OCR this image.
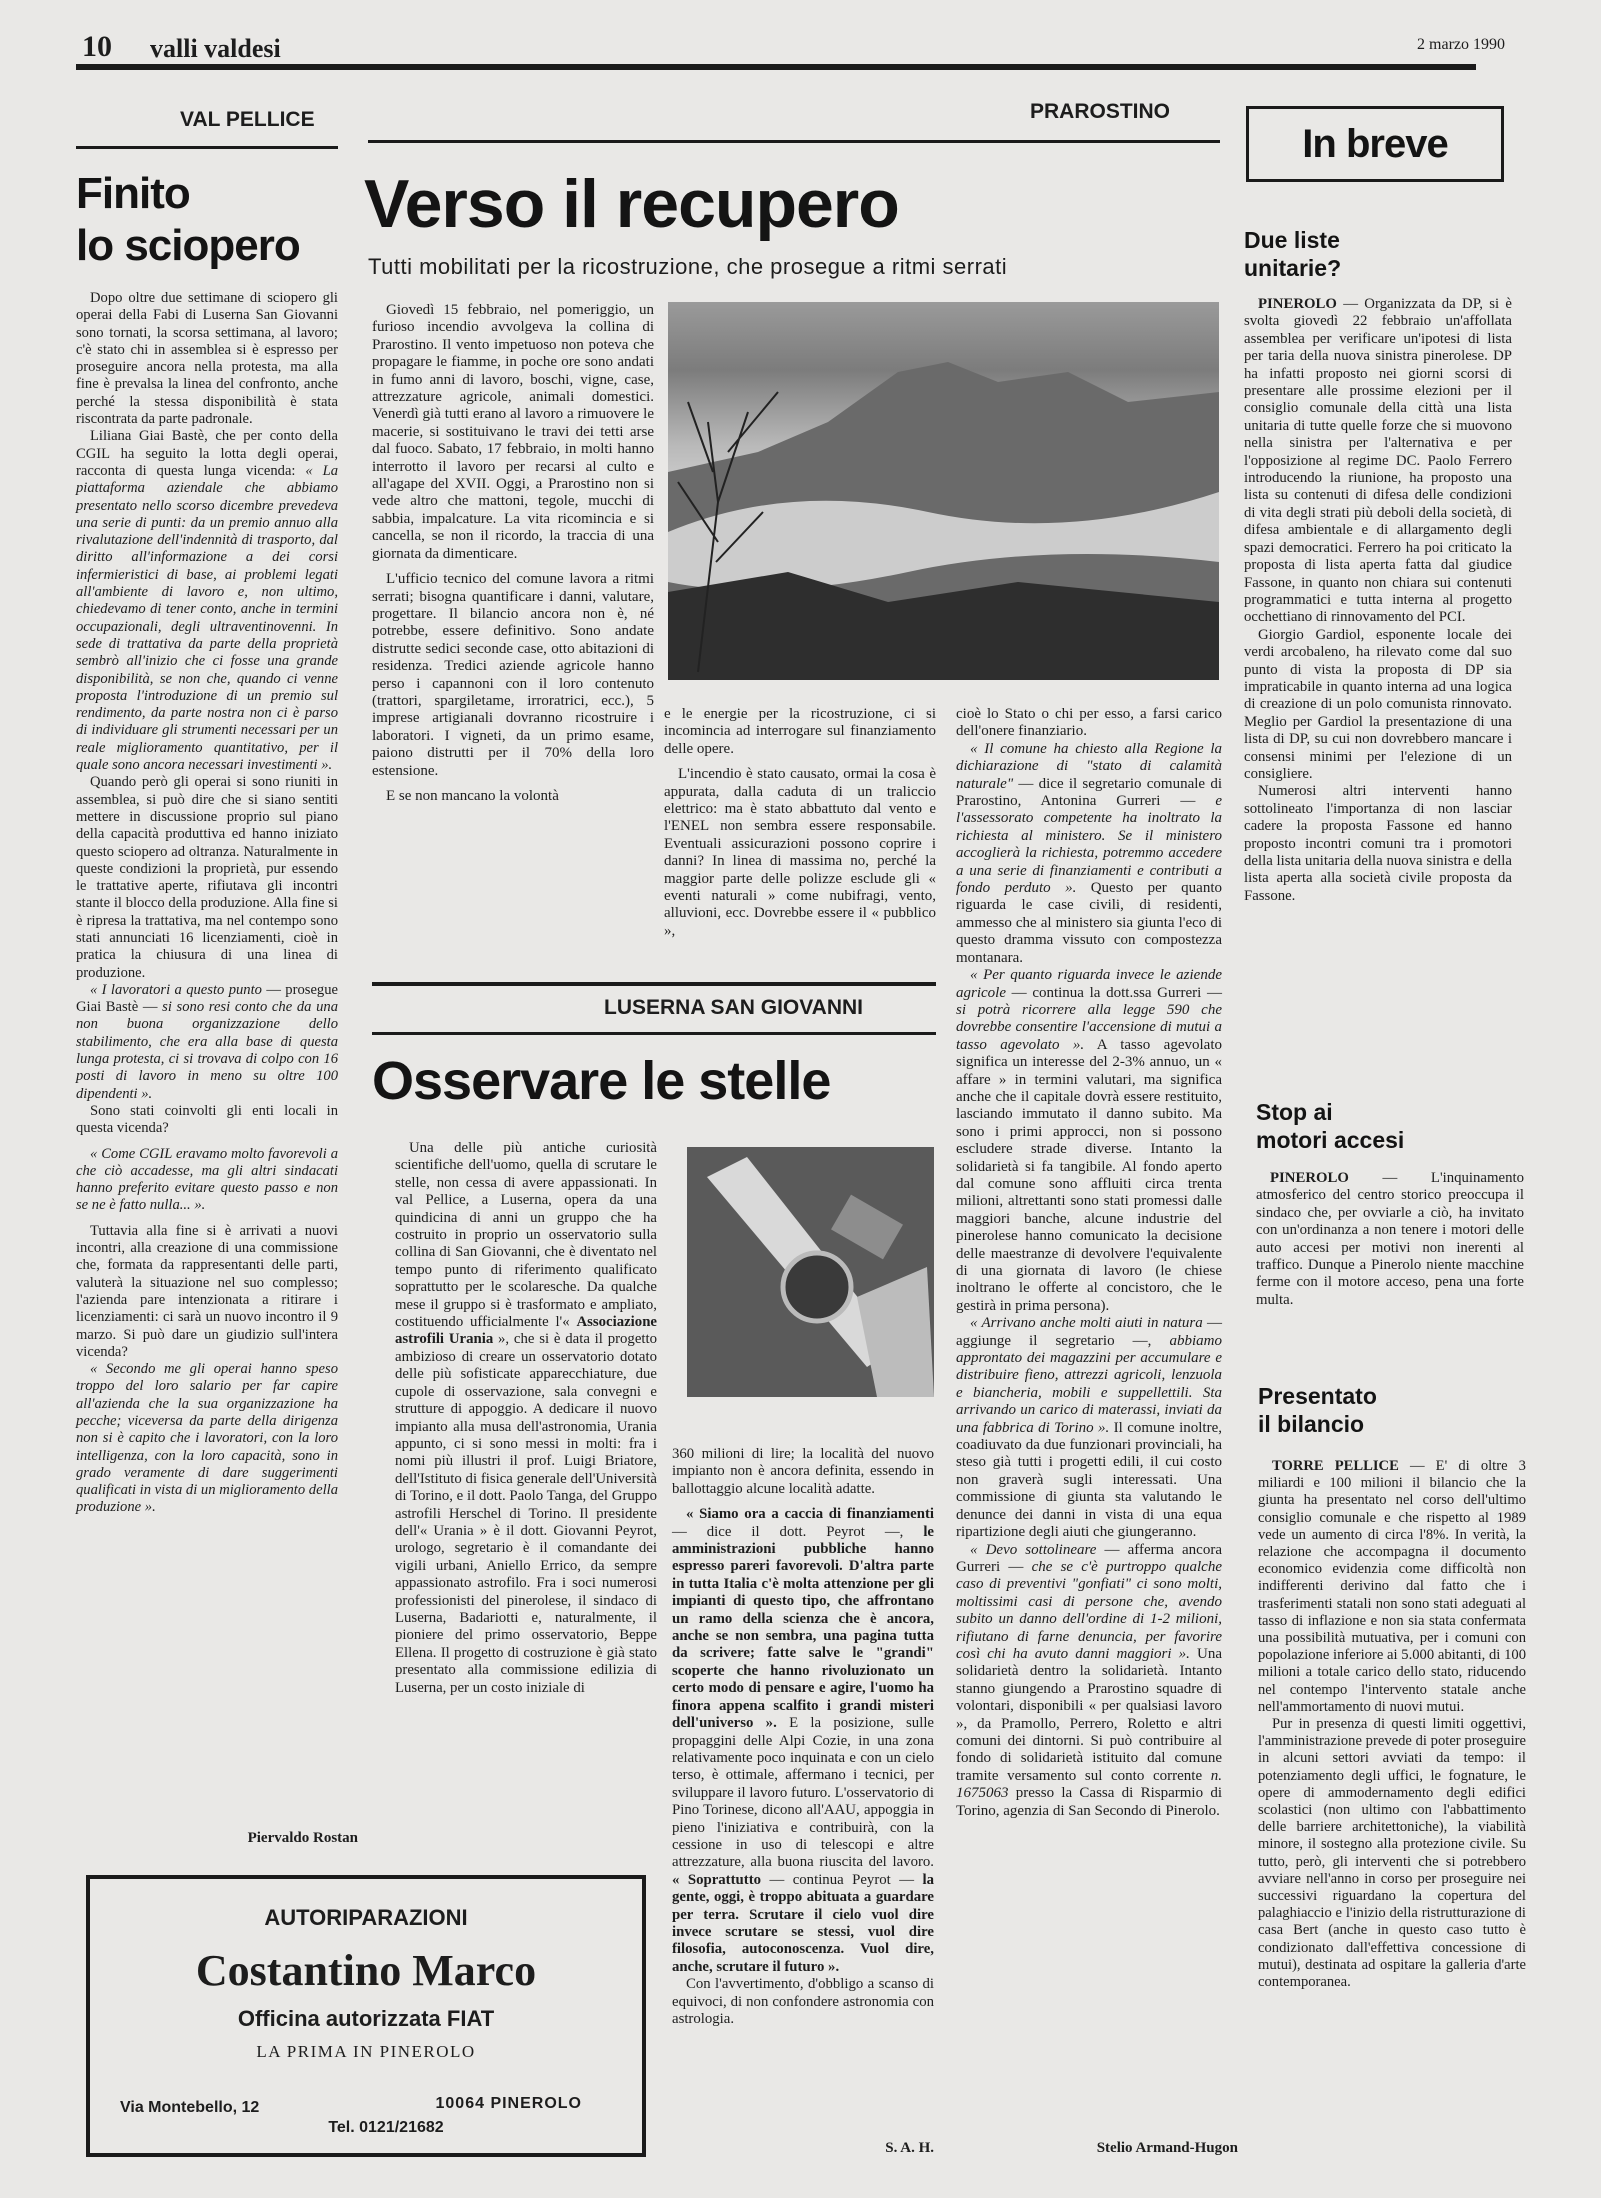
10 valli valdesi	2 marzo 1990
VAL PELLICE
Finito
lo sciopero

Dopo oltre due settimane di sciopero gli operai della Fabi di Luserna San Giovanni sono tornati, la scorsa settimana, al lavoro; c'è stato chi in assemblea si è espresso per proseguire ancora nella protesta, ma alla fine è prevalsa la linea del confronto, anche perché la stessa disponibilità è stata riscontrata da parte padronale.

Liliana Giai Bastè, che per conto della CGIL ha seguito la lotta degli operai, racconta di questa lunga vicenda: « La piattaforma aziendale che abbiamo presentato nello scorso dicembre prevedeva una serie di punti: da un premio annuo alla rivalutazione dell'indennità di trasporto, dal diritto all'informazione a dei corsi infermieristici di base, ai problemi legati all'ambiente di lavoro e, non ultimo, chiedevamo di tener conto, anche in termini occupazionali, degli ultraventinovenni. In sede di trattativa da parte della proprietà sembrò all'inizio che ci fosse una grande disponibilità, se non che, quando ci venne proposta l'introduzione di un premio sul rendimento, da parte nostra non ci è parso di individuare gli strumenti necessari per un reale miglioramento quantitativo, per il quale sono ancora necessari investimenti ».

Quando però gli operai si sono riuniti in assemblea, si può dire che si siano sentiti mettere in discussione proprio sul piano della capacità produttiva ed hanno iniziato questo sciopero ad oltranza. Naturalmente in queste condizioni la proprietà, pur essendo le trattative aperte, rifiutava gli incontri stante il blocco della produzione. Alla fine si è ripresa la trattativa, ma nel contempo sono stati annunciati 16 licenziamenti, cioè in pratica la chiusura di una linea di produzione.

« I lavoratori a questo punto — prosegue Giai Bastè — si sono resi conto che da una non buona organizzazione dello stabilimento, che era alla base di questa lunga protesta, ci si trovava di colpo con 16 posti di lavoro in meno su oltre 100 dipendenti ».

Sono stati coinvolti gli enti locali in questa vicenda?

« Come CGIL eravamo molto favorevoli a che ciò accadesse, ma gli altri sindacati hanno preferito evitare questo passo e non se ne è fatto nulla... ».

Tuttavia alla fine si è arrivati a nuovi incontri, alla creazione di una commissione che, formata da rappresentanti delle parti, valuterà la situazione nel suo complesso; l'azienda pare intenzionata a ritirare i licenziamenti: ci sarà un nuovo incontro il 9 marzo. Si può dare un giudizio sull'intera vicenda?

« Secondo me gli operai hanno speso troppo del loro salario per far capire all'azienda che la sua organizzazione ha pecche; viceversa da parte della dirigenza non si è capito che i lavoratori, con la loro intelligenza, con la loro capacità, sono in grado veramente di dare suggerimenti qualificati in vista di un miglioramento della produzione ».

Piervaldo Rostan
PRAROSTINO
Verso il recupero
Tutti mobilitati per la ricostruzione, che prosegue a ritmi serrati

Giovedì 15 febbraio, nel pomeriggio, un furioso incendio avvolgeva la collina di Prarostino. Il vento impetuoso non poteva che propagare le fiamme, in poche ore sono andati in fumo anni di lavoro, boschi, vigne, case, attrezzature agricole, animali domestici. Venerdì già tutti erano al lavoro a rimuovere le macerie, si sostituivano le travi dei tetti arse dal fuoco. Sabato, 17 febbraio, in molti hanno interrotto il lavoro per recarsi al culto e all'agape del XVII. Oggi, a Prarostino non si vede altro che mattoni, tegole, mucchi di sabbia, impalcature. La vita ricomincia e si cancella, se non il ricordo, la traccia di una giornata da dimenticare.

L'ufficio tecnico del comune lavora a ritmi serrati; bisogna quantificare i danni, valutare, progettare. Il bilancio ancora non è, né potrebbe, essere definitivo. Sono andate distrutte sedici seconde case, otto abitazioni di residenza. Tredici aziende agricole hanno perso i capannoni con il loro contenuto (trattori, spargiletame, irroratrici, ecc.), 5 imprese artigianali dovranno ricostruire i laboratori. I vigneti, da un primo esame, paiono distrutti per il 70% della loro estensione.

E se non mancano la volontà

e le energie per la ricostruzione, ci si incomincia ad interrogare sul finanziamento delle opere.

L'incendio è stato causato, ormai la cosa è appurata, dalla caduta di un traliccio elettrico: ma è stato abbattuto dal vento e l'ENEL non sembra essere responsabile. Eventuali assicurazioni possono coprire i danni? In linea di massima no, perché la maggior parte delle polizze esclude gli « eventi naturali » come nubifragi, vento, alluvioni, ecc. Dovrebbe essere il « pubblico »,

cioè lo Stato o chi per esso, a farsi carico dell'onere finanziario.

« Il comune ha chiesto alla Regione la dichiarazione di "stato di calamità naturale" — dice il segretario comunale di Prarostino, Antonina Gurreri — e l'assessorato competente ha inoltrato la richiesta al ministero. Se il ministero accoglierà la richiesta, potremmo accedere a una serie di finanziamenti e contributi a fondo perduto ». Questo per quanto riguarda le case civili, di residenti, ammesso che al ministero sia giunta l'eco di questo dramma vissuto con compostezza montanara.

« Per quanto riguarda invece le aziende agricole — continua la dott.ssa Gurreri — si potrà ricorrere alla legge 590 che dovrebbe consentire l'accensione di mutui a tasso agevolato ». A tasso agevolato significa un interesse del 2-3% annuo, un « affare » in termini valutari, ma significa anche che il capitale dovrà essere restituito, lasciando immutato il danno subito. Ma sono i primi approcci, non si possono escludere strade diverse. Intanto la solidarietà si fa tangibile. Al fondo aperto dal comune sono affluiti circa trenta milioni, altrettanti sono stati promessi dalle maggiori banche, alcune industrie del pinerolese hanno comunicato la decisione delle maestranze di devolvere l'equivalente di una giornata di lavoro (le chiese inoltrano le offerte al concistoro, che le gestirà in prima persona).

« Arrivano anche molti aiuti in natura — aggiunge il segretario —, abbiamo approntato dei magazzini per accumulare e distribuire fieno, attrezzi agricoli, lenzuola e biancheria, mobili e suppellettili. Sta arrivando un carico di materassi, inviati da una fabbrica di Torino ». Il comune inoltre, coadiuvato da due funzionari provinciali, ha steso già tutti i progetti edili, il cui costo non graverà sugli interessati. Una commissione di giunta sta valutando le denunce dei danni in vista di una equa ripartizione degli aiuti che giungeranno.

« Devo sottolineare — afferma ancora Gurreri — che se c'è purtroppo qualche caso di preventivi "gonfiati" ci sono molti, moltissimi casi di persone che, avendo subito un danno dell'ordine di 1-2 milioni, rifiutano di farne denuncia, per favorire così chi ha avuto danni maggiori ». Una solidarietà dentro la solidarietà. Intanto stanno giungendo a Prarostino squadre di volontari, disponibili « per qualsiasi lavoro », da Pramollo, Perrero, Roletto e altri comuni dei dintorni. Si può contribuire al fondo di solidarietà istituito dal comune tramite versamento sul conto corrente n. 1675063 presso la Cassa di Risparmio di Torino, agenzia di San Secondo di Pinerolo.

Stelio Armand-Hugon
LUSERNA SAN GIOVANNI
Osservare le stelle

Una delle più antiche curiosità scientifiche dell'uomo, quella di scrutare le stelle, non cessa di avere appassionati. In val Pellice, a Luserna, opera da una quindicina di anni un gruppo che ha costruito in proprio un osservatorio sulla collina di San Giovanni, che è diventato nel tempo punto di riferimento qualificato soprattutto per le scolaresche. Da qualche mese il gruppo si è trasformato e ampliato, costituendo ufficialmente l'« Associazione astrofili Urania », che si è data il progetto ambizioso di creare un osservatorio dotato delle più sofisticate apparecchiature, due cupole di osservazione, sala convegni e strutture di appoggio. A dedicare il nuovo impianto alla musa dell'astronomia, Urania appunto, ci si sono messi in molti: fra i nomi più illustri il prof. Luigi Briatore, dell'Istituto di fisica generale dell'Università di Torino, e il dott. Paolo Tanga, del Gruppo astrofili Herschel di Torino. Il presidente dell'« Urania » è il dott. Giovanni Peyrot, urologo, segretario è il comandante dei vigili urbani, Aniello Errico, da sempre appassionato astrofilo. Fra i soci numerosi professionisti del pinerolese, il sindaco di Luserna, Badariotti e, naturalmente, il pioniere del primo osservatorio, Beppe Ellena. Il progetto di costruzione è già stato presentato alla commissione edilizia di Luserna, per un costo iniziale di

360 milioni di lire; la località del nuovo impianto non è ancora definita, essendo in ballottaggio alcune località adatte.

« Siamo ora a caccia di finanziamenti — dice il dott. Peyrot —, le amministrazioni pubbliche hanno espresso pareri favorevoli. D'altra parte in tutta Italia c'è molta attenzione per gli impianti di questo tipo, che affrontano un ramo della scienza che è ancora, anche se non sembra, una pagina tutta da scrivere; fatte salve le "grandi" scoperte che hanno rivoluzionato un certo modo di pensare e agire, l'uomo ha finora appena scalfito i grandi misteri dell'universo ». E la posizione, sulle propaggini delle Alpi Cozie, in una zona relativamente poco inquinata e con un cielo terso, è ottimale, affermano i tecnici, per sviluppare il lavoro futuro. L'osservatorio di Pino Torinese, dicono all'AAU, appoggia in pieno l'iniziativa e contribuirà, con la cessione in uso di telescopi e altre attrezzature, alla buona riuscita del lavoro. « Soprattutto — continua Peyrot — la gente, oggi, è troppo abituata a guardare per terra. Scrutare il cielo vuol dire invece scrutare se stessi, vuol dire filosofia, autoconoscenza. Vuol dire, anche, scrutare il futuro ».

Con l'avvertimento, d'obbligo a scanso di equivoci, di non confondere astronomia con astrologia.

S. A. H.
In breve
Due liste
unitarie?

PINEROLO — Organizzata da DP, si è svolta giovedì 22 febbraio un'affollata assemblea per verificare un'ipotesi di lista per taria della nuova sinistra pinerolese. DP ha infatti proposto nei giorni scorsi di presentare alle prossime elezioni per il consiglio comunale della città una lista unitaria di tutte quelle forze che si muovono nella sinistra per l'alternativa e per l'opposizione al regime DC. Paolo Ferrero introducendo la riunione, ha proposto una lista su contenuti di difesa delle condizioni di vita degli strati più deboli della società, di difesa ambientale e di allargamento degli spazi democratici. Ferrero ha poi criticato la proposta di lista aperta fatta dal giudice Fassone, in quanto non chiara sui contenuti programmatici e tutta interna al progetto occhettiano di rinnovamento del PCI.

Giorgio Gardiol, esponente locale dei verdi arcobaleno, ha rilevato come dal suo punto di vista la proposta di DP sia impraticabile in quanto interna ad una logica di creazione di un polo comunista rinnovato. Meglio per Gardiol la presentazione di una lista di DP, su cui non dovrebbero mancare i consensi minimi per l'elezione di un consigliere.

Numerosi altri interventi hanno sottolineato l'importanza di non lasciar cadere la proposta Fassone ed hanno proposto incontri comuni tra i promotori della lista unitaria della nuova sinistra e della lista aperta alla società civile proposta da Fassone.

Stop ai
motori accesi

PINEROLO — L'inquinamento atmosferico del centro storico preoccupa il sindaco che, per ovviarle a ciò, ha invitato con un'ordinanza a non tenere i motori delle auto accesi per motivi non inerenti al traffico. Dunque a Pinerolo niente macchine ferme con il motore acceso, pena una forte multa.

Presentato
il bilancio

TORRE PELLICE — E' di oltre 3 miliardi e 100 milioni il bilancio che la giunta ha presentato nel corso dell'ultimo consiglio comunale e che rispetto al 1989 vede un aumento di circa l'8%. In verità, la relazione che accompagna il documento economico evidenzia come difficoltà non indifferenti derivino dal fatto che i trasferimenti statali non sono stati adeguati al tasso di inflazione e non sia stata confermata una possibilità mutuativa, per i comuni con popolazione inferiore ai 5.000 abitanti, di 100 milioni a totale carico dello stato, riducendo nel contempo l'intervento statale anche nell'ammortamento di nuovi mutui.

Pur in presenza di questi limiti oggettivi, l'amministrazione prevede di poter proseguire in alcuni settori avviati da tempo: il potenziamento degli uffici, le fognature, le opere di ammodernamento degli edifici scolastici (non ultimo con l'abbattimento delle barriere architettoniche), la viabilità minore, il sostegno alla protezione civile. Su tutto, però, gli interventi che si potrebbero avviare nell'anno in corso per proseguire nei successivi riguardano la copertura del palaghiaccio e l'inizio della ristrutturazione di casa Bert (anche in questo caso tutto è condizionato dall'effettiva concessione di mutui), destinata ad ospitare la galleria d'arte contemporanea.

AUTORIPARAZIONI
Costantino Marco
Officina autorizzata FIAT
LA PRIMA IN PINEROLO
Via Montebello, 12	10064 PINEROLO
Tel. 0121/21682
